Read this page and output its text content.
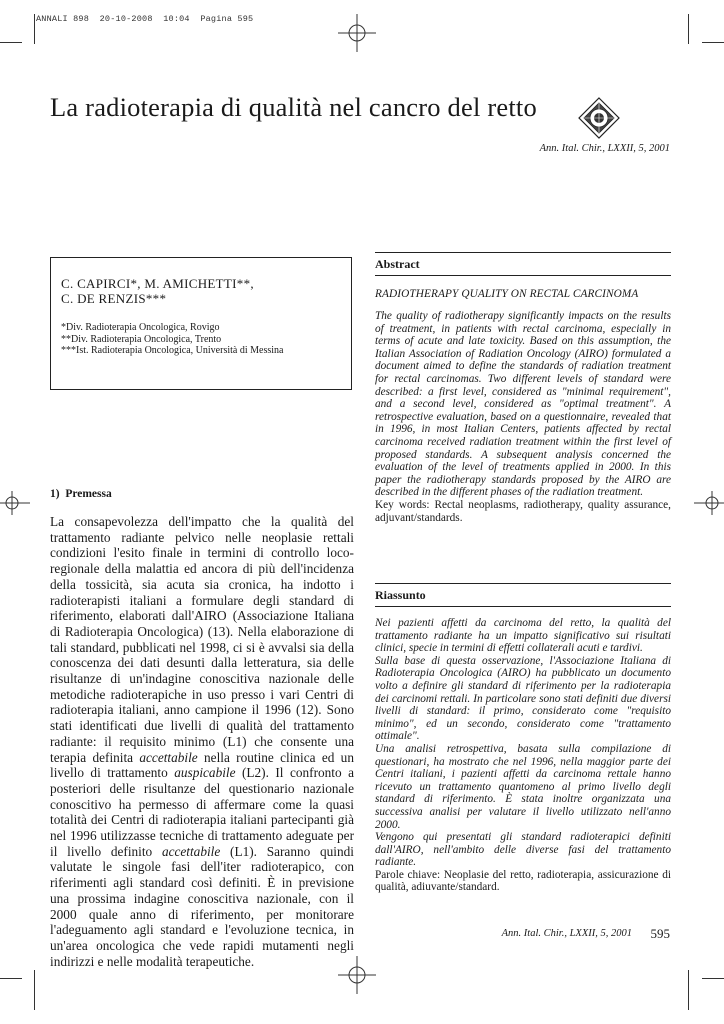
ANNALI 898  20-10-2008  10:04  Pagina 595
La radioterapia di qualità nel cancro del retto
Ann. Ital. Chir., LXXII, 5, 2001
C. CAPIRCI*, M. AMICHETTI**,
C. DE RENZIS***
*Div. Radioterapia Oncologica, Rovigo
**Div. Radioterapia Oncologica, Trento
***Ist. Radioterapia Oncologica, Università di Messina
Abstract
RADIOTHERAPY QUALITY ON RECTAL CARCINOMA
The quality of radiotherapy significantly impacts on the results of treatment, in patients with rectal carcinoma, especially in terms of acute and late toxicity. Based on this assumption, the Italian Association of Radiation Oncology (AIRO) formulated a document aimed to define the standards of radiation treatment for rectal carcinomas. Two different levels of standard were described: a first level, considered as "minimal requirement", and a second level, considered as "optimal treatment". A retrospective evaluation, based on a questionnaire, revealed that in 1996, in most Italian Centers, patients affected by rectal carcinoma received radiation treatment within the first level of proposed standards. A subsequent analysis concerned the evaluation of the level of treatments applied in 2000. In this paper the radiotherapy standards proposed by the AIRO are described in the different phases of the radiation treatment.
Key words: Rectal neoplasms, radiotherapy, quality assurance, adjuvant/standards.
Riassunto
Nei pazienti affetti da carcinoma del retto, la qualità del trattamento radiante ha un impatto significativo sui risultati clinici, specie in termini di effetti collaterali acuti e tardivi.
Sulla base di questa osservazione, l'Associazione Italiana di Radioterapia Oncologica (AIRO) ha pubblicato un documento volto a definire gli standard di riferimento per la radioterapia dei carcinomi rettali. In particolare sono stati definiti due diversi livelli di standard: il primo, considerato come "requisito minimo", ed un secondo, considerato come "trattamento ottimale".
Una analisi retrospettiva, basata sulla compilazione di questionari, ha mostrato che nel 1996, nella maggior parte dei Centri italiani, i pazienti affetti da carcinoma rettale hanno ricevuto un trattamento quantomeno al primo livello degli standard di riferimento. È stata inoltre organizzata una successiva analisi per valutare il livello utilizzato nell'anno 2000.
Vengono qui presentati gli standard radioterapici definiti dall'AIRO, nell'ambito delle diverse fasi del trattamento radiante.
Parole chiave: Neoplasie del retto, radioterapia, assicurazione di qualità, adiuvante/standard.
1)  Premessa
La consapevolezza dell'impatto che la qualità del trattamento radiante pelvico nelle neoplasie rettali condizioni l'esito finale in termini di controllo loco-regionale della malattia ed ancora di più dell'incidenza della tossicità, sia acuta sia cronica, ha indotto i radioterapisti italiani a formulare degli standard di riferimento, elaborati dall'AIRO (Associazione Italiana di Radioterapia Oncologica) (13). Nella elaborazione di tali standard, pubblicati nel 1998, ci si è avvalsi sia della conoscenza dei dati desunti dalla letteratura, sia delle risultanze di un'indagine conoscitiva nazionale delle metodiche radioterapiche in uso presso i vari Centri di radioterapia italiani, anno campione il 1996 (12). Sono stati identificati due livelli di qualità del trattamento radiante: il requisito minimo (L1) che consente una terapia definita accettabile nella routine clinica ed un livello di trattamento auspicabile (L2). Il confronto a posteriori delle risultanze del questionario nazionale conoscitivo ha permesso di affermare come la quasi totalità dei Centri di radioterapia italiani partecipanti già nel 1996 utilizzasse tecniche di trattamento adeguate per il livello definito accettabile (L1). Saranno quindi valutate le singole fasi dell'iter radioterapico, con riferimenti agli standard così definiti. È in previsione una prossima indagine conoscitiva nazionale, con il 2000 quale anno di riferimento, per monitorare l'adeguamento agli standard e l'evoluzione tecnica, in un'area oncologica che vede rapidi mutamenti negli indirizzi e nelle modalità terapeutiche.
Ann. Ital. Chir., LXXII, 5, 2001 595
